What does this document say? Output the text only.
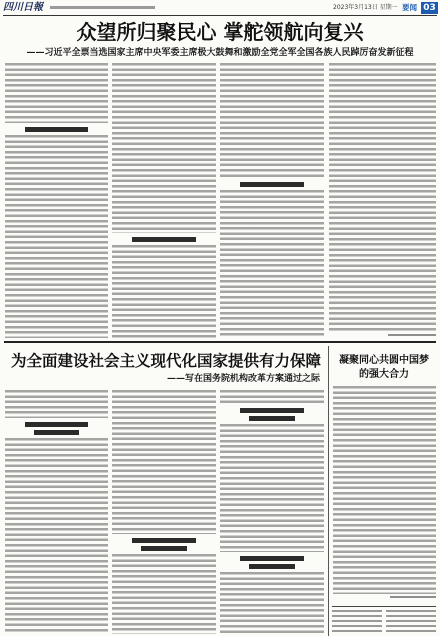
四川日報	2023年3月13日 星期一 要闻 03
众望所归聚民心 掌舵领航向复兴
——习近平全票当选国家主席中央军委主席极大鼓舞和激励全党全军全国各族人民踔厉奋发新征程
为全面建设社会主义现代化国家提供有力保障
——写在国务院机构改革方案通过之际
凝聚同心共圆中国梦
的强大合力
